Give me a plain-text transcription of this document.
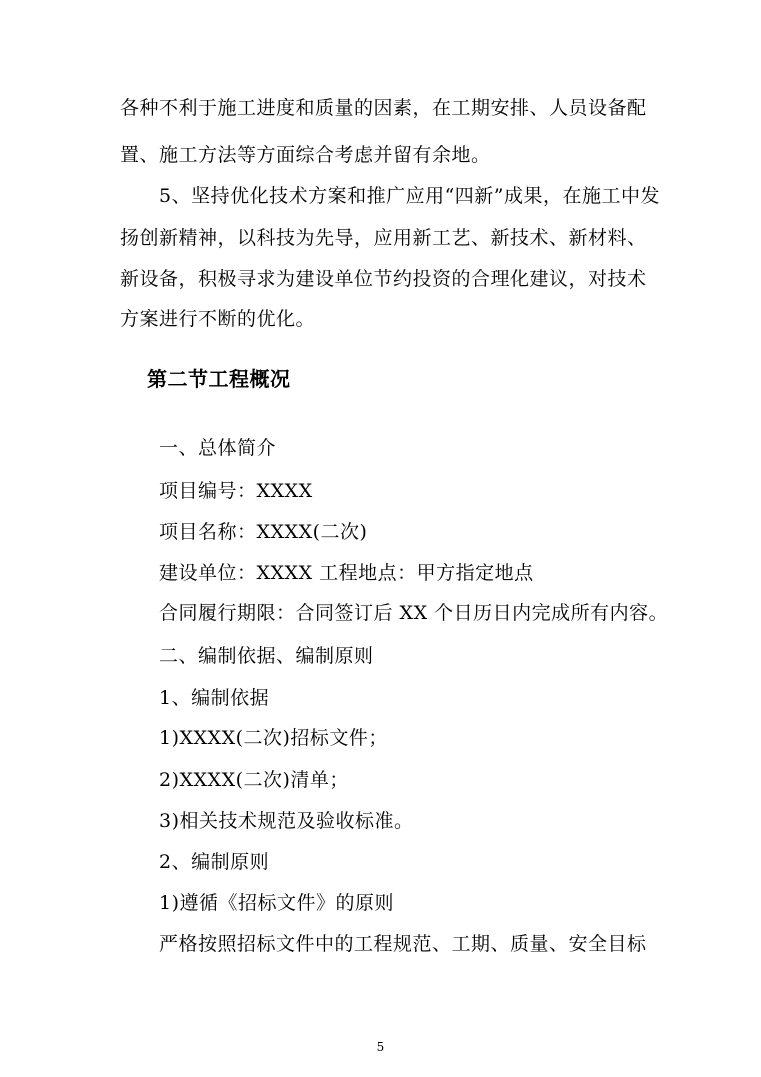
各种不利于施工进度和质量的因素，在工期安排、人员设备配
置、施工方法等方面综合考虑并留有余地。
5、坚持优化技术方案和推广应用“四新”成果，在施工中发
扬创新精神，以科技为先导，应用新工艺、新技术、新材料、
新设备，积极寻求为建设单位节约投资的合理化建议，对技术
方案进行不断的优化。
第二节工程概况
一、总体简介
项目编号：XXXX
项目名称：XXXX(二次)
建设单位：XXXX 工程地点：甲方指定地点
合同履行期限：合同签订后 XX 个日历日内完成所有内容。
二、编制依据、编制原则
1、编制依据
1)XXXX(二次)招标文件；
2)XXXX(二次)清单；
3)相关技术规范及验收标准。
2、编制原则
1)遵循《招标文件》的原则
严格按照招标文件中的工程规范、工期、质量、安全目标
5
